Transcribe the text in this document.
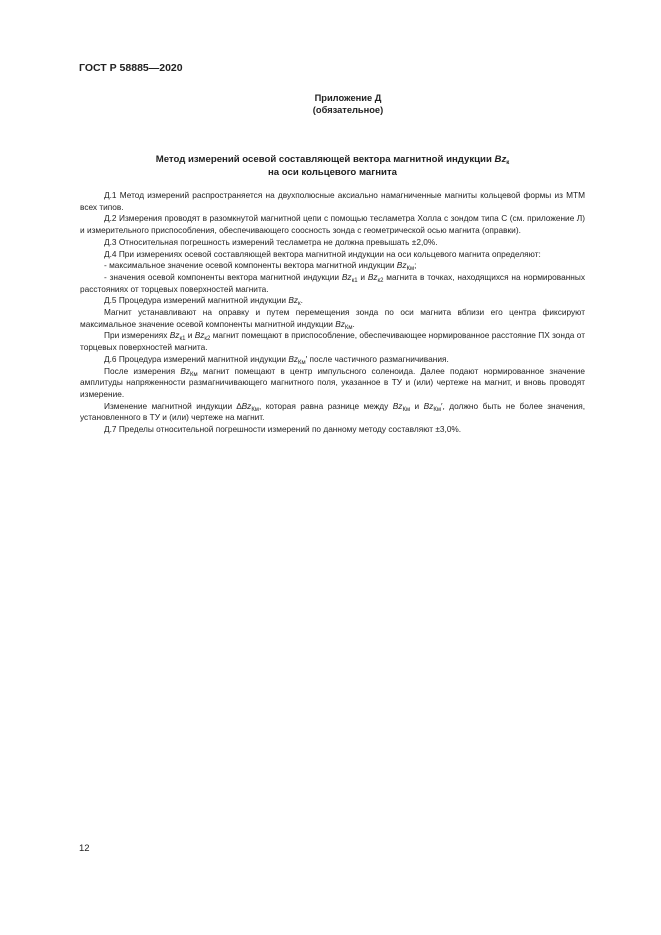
ГОСТ Р 58885—2020
Приложение Д
(обязательное)
Метод измерений осевой составляющей вектора магнитной индукции $Bz_к$
на оси кольцевого магнита

Д.1 Метод измерений распространяется на двухполюсные аксиально намагниченные магниты кольцевой формы из МТМ всех типов.

Д.2 Измерения проводят в разомкнутой магнитной цепи с помощью тесламетра Холла с зондом типа С (см. приложение Л) и измерительного приспособления, обеспечивающего соосность зонда с геометрической осью магнита (оправки).

Д.3 Относительная погрешность измерений тесламетра не должна превышать ±2,0%.

Д.4 При измерениях осевой составляющей вектора магнитной индукции на оси кольцевого магнита определяют:

- максимальное значение осевой компоненты вектора магнитной индукции $Bz_{Км}$;

- значения осевой компоненты вектора магнитной индукции $Bz_{к1}$ и $Bz_{к2}$ магнита в точках, находящихся на нормированных расстояниях от торцевых поверхностей магнита.

Д.5 Процедура измерений магнитной индукции $Bz_к$.

Магнит устанавливают на оправку и путем перемещения зонда по оси магнита вблизи его центра фиксируют максимальное значение осевой компоненты магнитной индукции $Bz_{Км}$.

При измерениях $Bz_{к1}$ и $Bz_{к2}$ магнит помещают в приспособление, обеспечивающее нормированное расстояние ПХ зонда от торцевых поверхностей магнита.

Д.6 Процедура измерений магнитной индукции $Bz_{Км}'$ после частичного размагничивания.

После измерения $Bz_{Км}$ магнит помещают в центр импульсного соленоида. Далее подают нормированное значение амплитуды напряженности размагничивающего магнитного поля, указанное в ТУ и (или) чертеже на магнит, и вновь проводят измерение.

Изменение магнитной индукции $\Delta Bz_{Км}$, которая равна разнице между $Bz_{Км}$ и $Bz_{Км}'$, должно быть не более значения, установленного в ТУ и (или) чертеже на магнит.

Д.7 Пределы относительной погрешности измерений по данному методу составляют ±3,0%.

12
